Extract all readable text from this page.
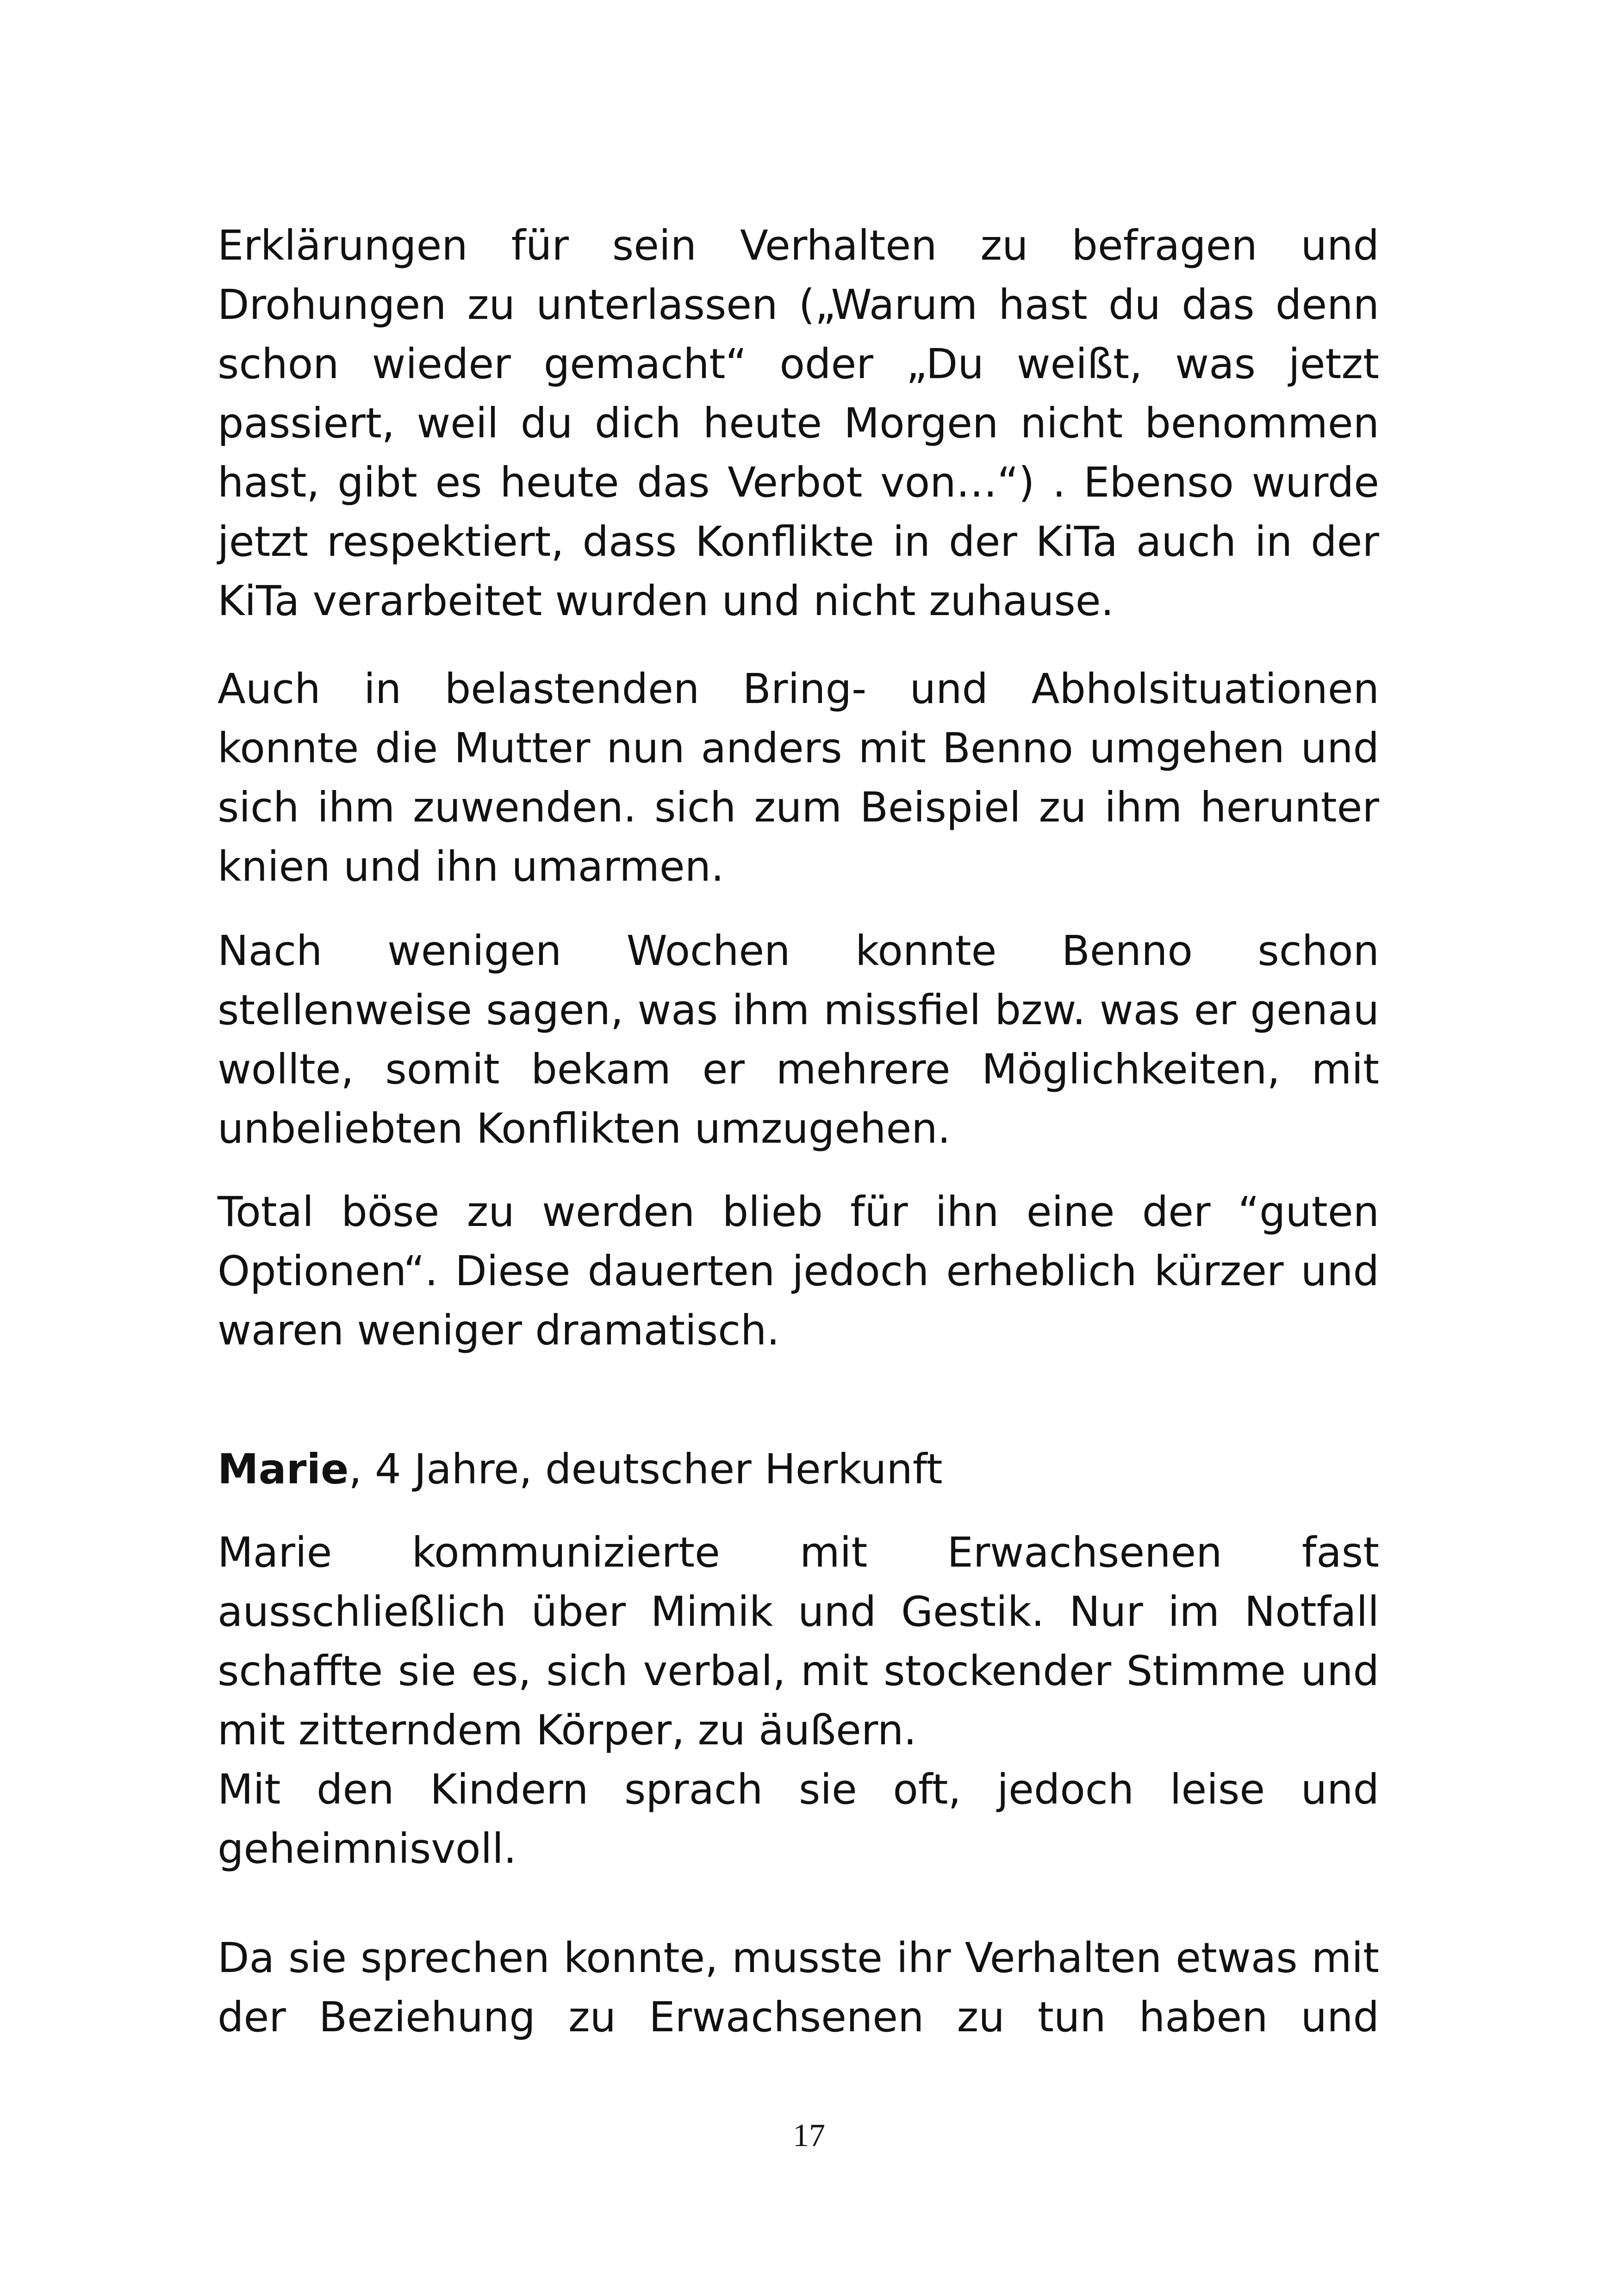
Erklärungen für sein Verhalten zu befragen und Drohungen zu unterlassen („Warum hast du das denn schon wieder gemacht“ oder „Du weißt, was jetzt passiert, weil du dich heute Morgen nicht benommen hast, gibt es heute das Verbot von…“) . Ebenso wurde jetzt respektiert, dass Konflikte in der KiTa auch in der KiTa verarbeitet wurden und nicht zuhause.

Auch in belastenden Bring- und Abholsituationen konnte die Mutter nun anders mit Benno umgehen und sich ihm zuwenden. sich zum Beispiel zu ihm herunter knien und ihn umarmen.

Nach wenigen Wochen konnte Benno schon stellenweise sagen, was ihm missfiel bzw. was er genau wollte, somit bekam er mehrere Möglichkeiten, mit unbeliebten Konflikten umzugehen.

Total böse zu werden blieb für ihn eine der “guten Optionen“. Diese dauerten jedoch erheblich kürzer und waren weniger dramatisch.

Marie, 4 Jahre, deutscher Herkunft

Marie kommunizierte mit Erwachsenen fast

ausschließlich über Mimik und Gestik. Nur im Notfall schaffte sie es, sich verbal, mit stockender Stimme und mit zitterndem Körper, zu äußern.

Mit den Kindern sprach sie oft, jedoch leise und geheimnisvoll.

Da sie sprechen konnte, musste ihr Verhalten etwas mit der Beziehung zu Erwachsenen zu tun haben und

17
